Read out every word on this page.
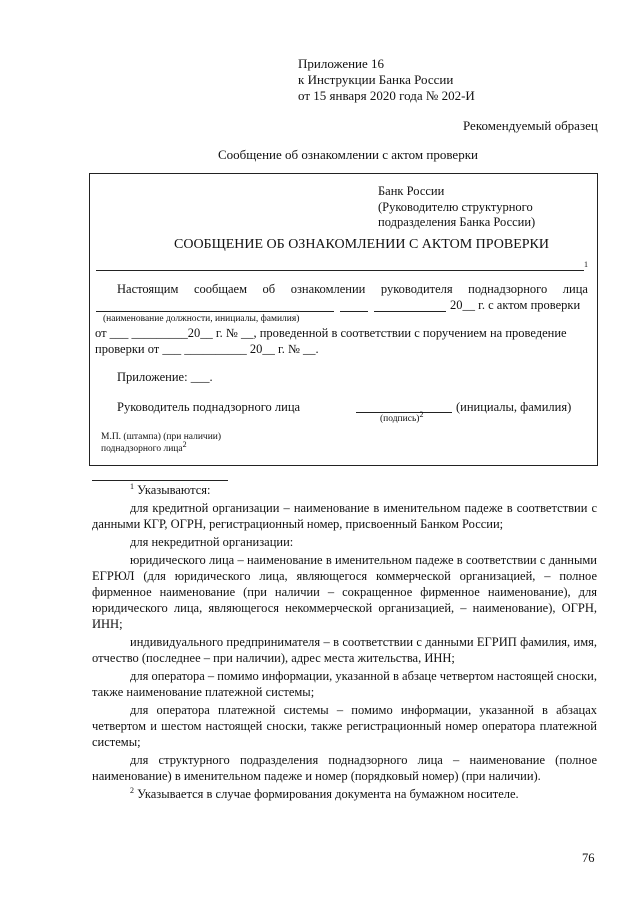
Приложение 16
к Инструкции Банка России
от 15 января 2020 года № 202-И
Рекомендуемый образец
Сообщение об ознакомлении с актом проверки
Банк России
(Руководителю структурного
подразделения Банка России)
СООБЩЕНИЕ ОБ ОЗНАКОМЛЕНИИ С АКТОМ ПРОВЕРКИ
1
Настоящим сообщаем об ознакомлении руководителя поднадзорного лица
20__ г. с актом проверки
(наименование должности, инициалы, фамилия)
от ___ _________20__ г. № __, проведенной в соответствии с поручением на проведение
проверки от ___ __________ 20__ г. № __.
Приложение: ___.
Руководитель поднадзорного лица	(инициалы, фамилия)
(подпись)$^2$
М.П. (штампа) (при наличии)
поднадзорного лица$^2$

$^1$ Указываются:

для кредитной организации – наименование в именительном падеже в соответствии с данными КГР, ОГРН, регистрационный номер, присвоенный Банком России;

для некредитной организации:

юридического лица – наименование в именительном падеже в соответствии с данными ЕГРЮЛ (для юридического лица, являющегося коммерческой организацией, – полное фирменное наименование (при наличии – сокращенное фирменное наименование), для юридического лица, являющегося некоммерческой организацией, – наименование), ОГРН, ИНН;

индивидуального предпринимателя – в соответствии с данными ЕГРИП фамилия, имя, отчество (последнее – при наличии), адрес места жительства, ИНН;

для оператора – помимо информации, указанной в абзаце четвертом настоящей сноски, также наименование платежной системы;

для оператора платежной системы – помимо информации, указанной в абзацах четвертом и шестом настоящей сноски, также регистрационный номер оператора платежной системы;

для структурного подразделения поднадзорного лица – наименование (полное наименование) в именительном падеже и номер (порядковый номер) (при наличии).

$^2$ Указывается в случае формирования документа на бумажном носителе.

76
